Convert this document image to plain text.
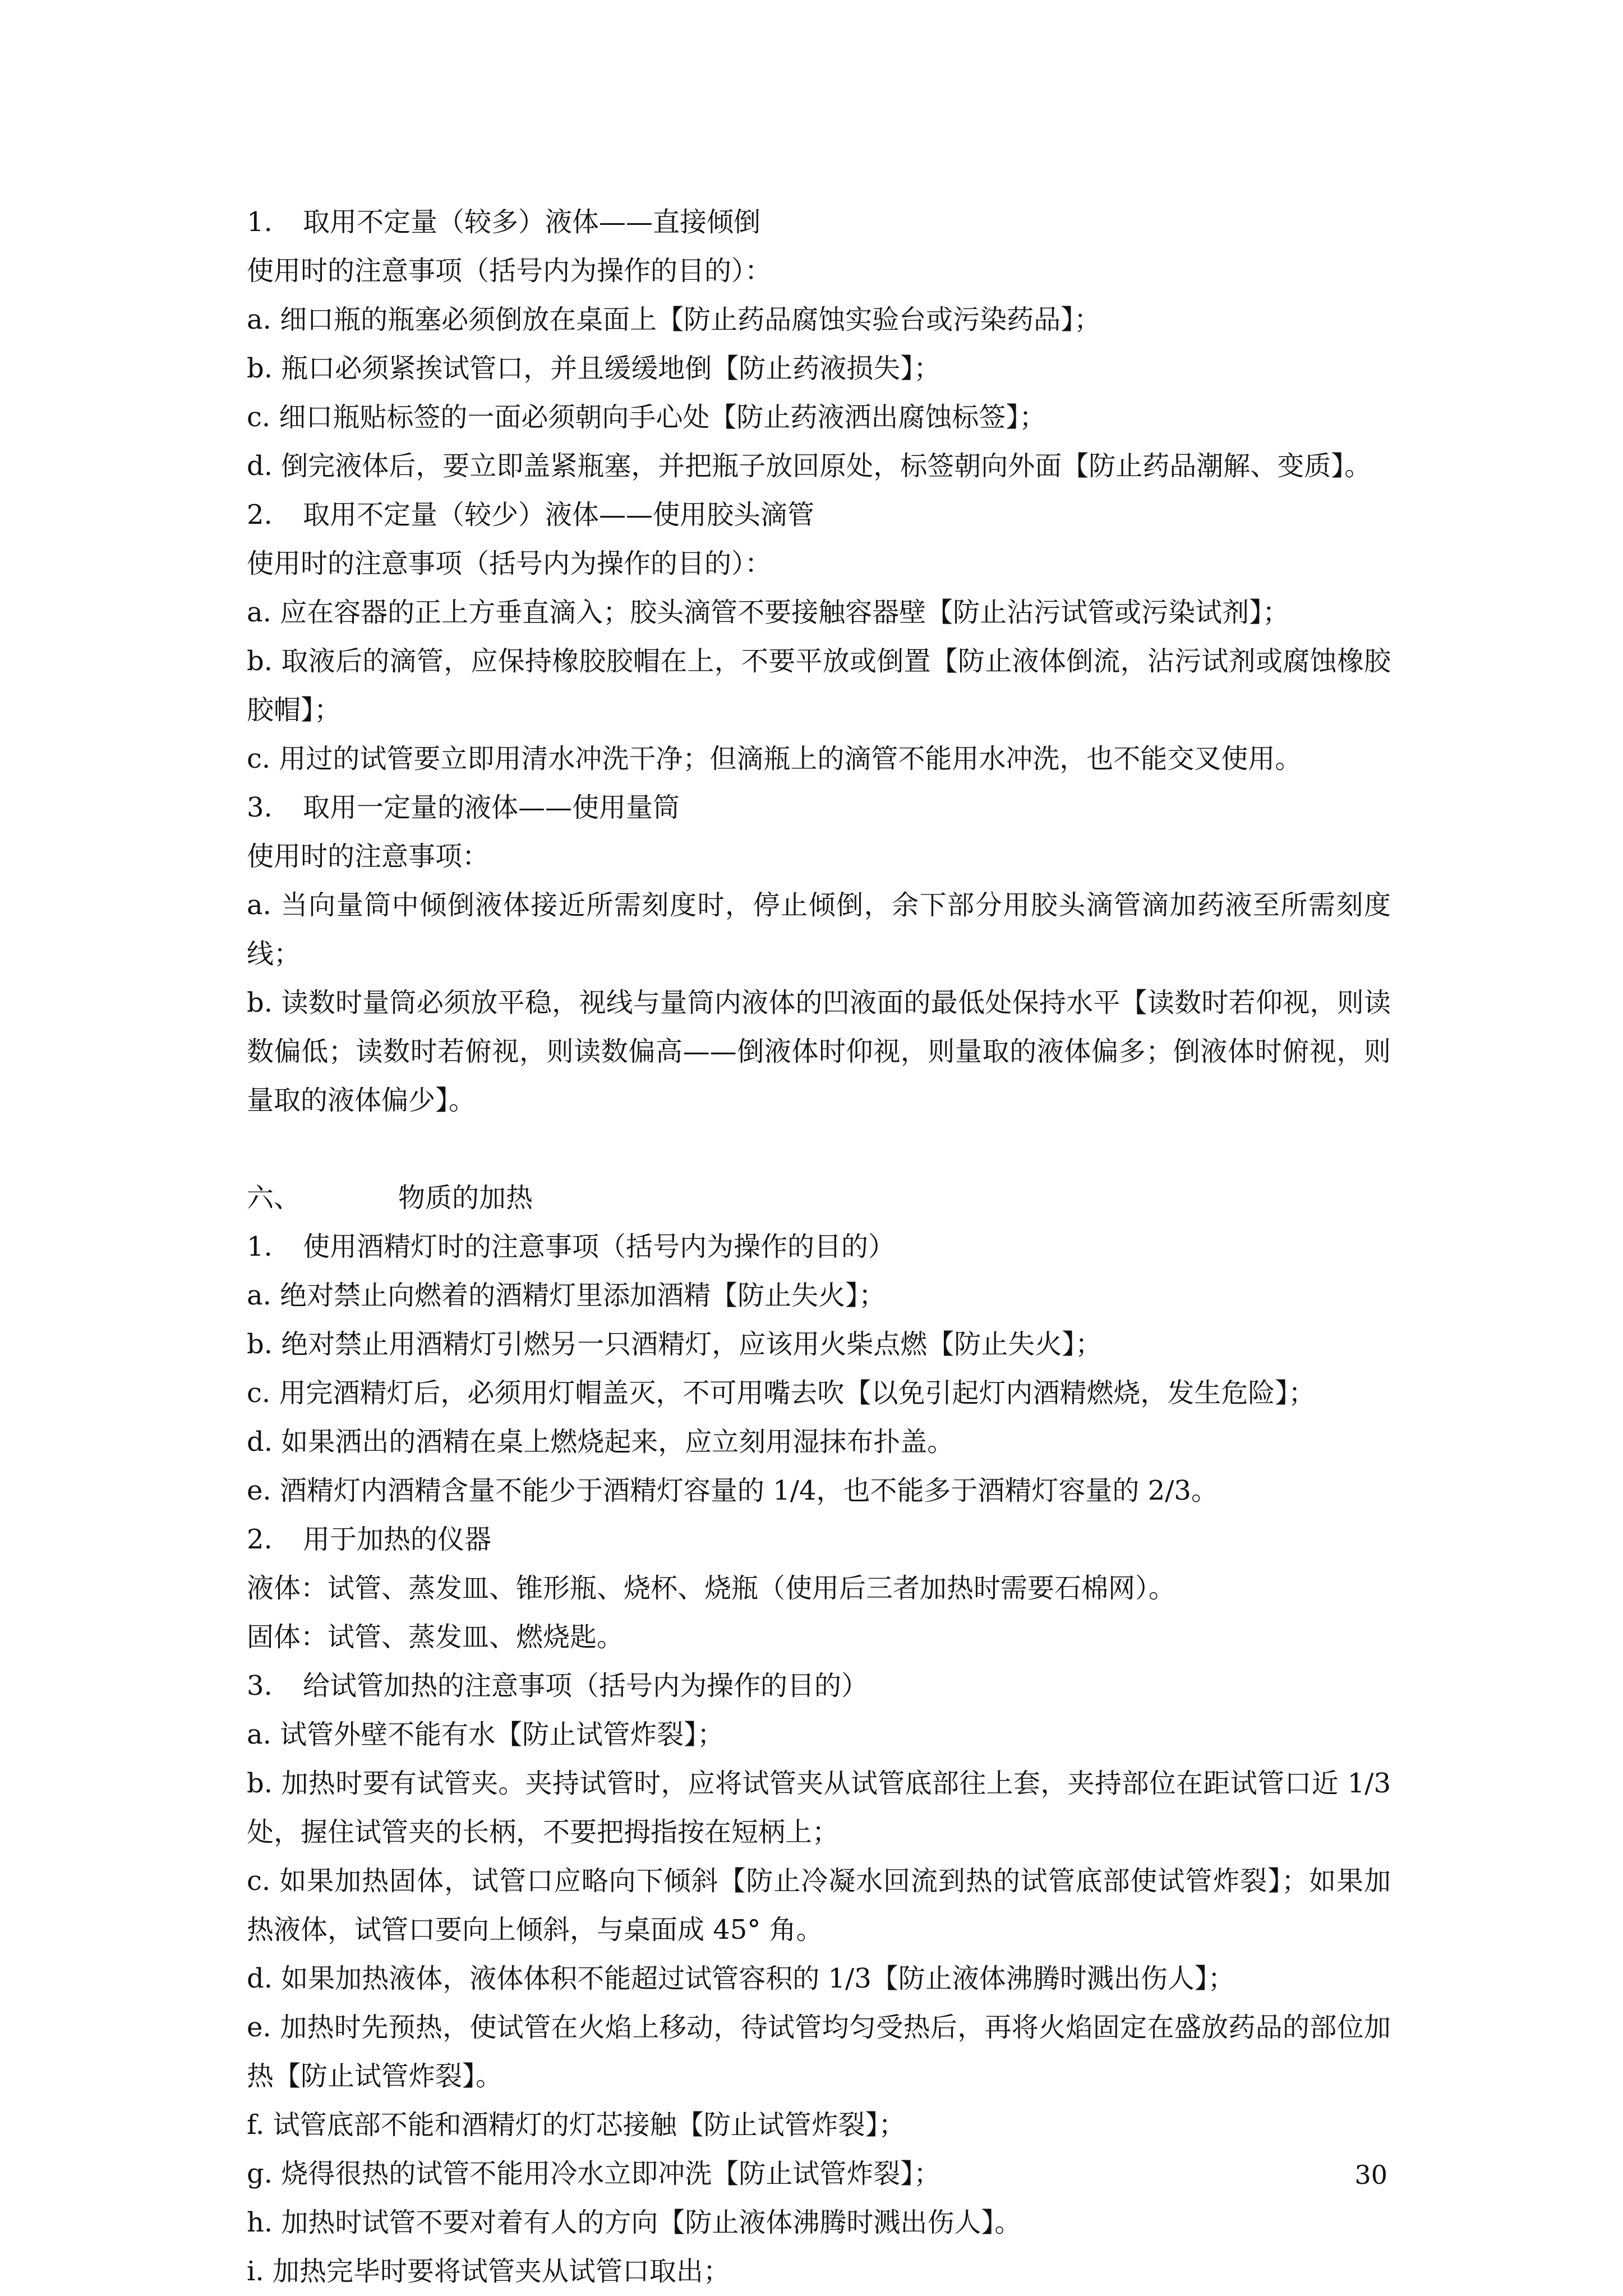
1. 取用不定量（较多）液体——直接倾倒
使用时的注意事项（括号内为操作的目的）：
a. 细口瓶的瓶塞必须倒放在桌面上【防止药品腐蚀实验台或污染药品】；
b. 瓶口必须紧挨试管口，并且缓缓地倒【防止药液损失】；
c. 细口瓶贴标签的一面必须朝向手心处【防止药液洒出腐蚀标签】；
d. 倒完液体后，要立即盖紧瓶塞，并把瓶子放回原处，标签朝向外面【防止药品潮解、变质】。
2. 取用不定量（较少）液体——使用胶头滴管
使用时的注意事项（括号内为操作的目的）：
a. 应在容器的正上方垂直滴入；胶头滴管不要接触容器壁【防止沾污试管或污染试剂】；
b. 取液后的滴管，应保持橡胶胶帽在上，不要平放或倒置【防止液体倒流，沾污试剂或腐蚀橡胶胶帽】；
c. 用过的试管要立即用清水冲洗干净；但滴瓶上的滴管不能用水冲洗，也不能交叉使用。
3. 取用一定量的液体——使用量筒
使用时的注意事项：
a. 当向量筒中倾倒液体接近所需刻度时，停止倾倒，余下部分用胶头滴管滴加药液至所需刻度线；
b. 读数时量筒必须放平稳，视线与量筒内液体的凹液面的最低处保持水平【读数时若仰视，则读数偏低；读数时若俯视，则读数偏高——倒液体时仰视，则量取的液体偏多；倒液体时俯视，则量取的液体偏少】。
六、	物质的加热
1. 使用酒精灯时的注意事项（括号内为操作的目的）
a. 绝对禁止向燃着的酒精灯里添加酒精【防止失火】；
b. 绝对禁止用酒精灯引燃另一只酒精灯，应该用火柴点燃【防止失火】；
c. 用完酒精灯后，必须用灯帽盖灭，不可用嘴去吹【以免引起灯内酒精燃烧，发生危险】；
d. 如果洒出的酒精在桌上燃烧起来，应立刻用湿抹布扑盖。
e. 酒精灯内酒精含量不能少于酒精灯容量的 1/4，也不能多于酒精灯容量的 2/3。
2. 用于加热的仪器
液体：试管、蒸发皿、锥形瓶、烧杯、烧瓶（使用后三者加热时需要石棉网）。
固体：试管、蒸发皿、燃烧匙。
3. 给试管加热的注意事项（括号内为操作的目的）
a. 试管外壁不能有水【防止试管炸裂】；
b. 加热时要有试管夹。夹持试管时，应将试管夹从试管底部往上套，夹持部位在距试管口近 1/3 处，握住试管夹的长柄，不要把拇指按在短柄上；
c. 如果加热固体，试管口应略向下倾斜【防止冷凝水回流到热的试管底部使试管炸裂】；如果加热液体，试管口要向上倾斜，与桌面成 45° 角。
d. 如果加热液体，液体体积不能超过试管容积的 1/3【防止液体沸腾时溅出伤人】；
e. 加热时先预热，使试管在火焰上移动，待试管均匀受热后，再将火焰固定在盛放药品的部位加热【防止试管炸裂】。
f. 试管底部不能和酒精灯的灯芯接触【防止试管炸裂】；
g. 烧得很热的试管不能用冷水立即冲洗【防止试管炸裂】；
h. 加热时试管不要对着有人的方向【防止液体沸腾时溅出伤人】。
i. 加热完毕时要将试管夹从试管口取出；
30
